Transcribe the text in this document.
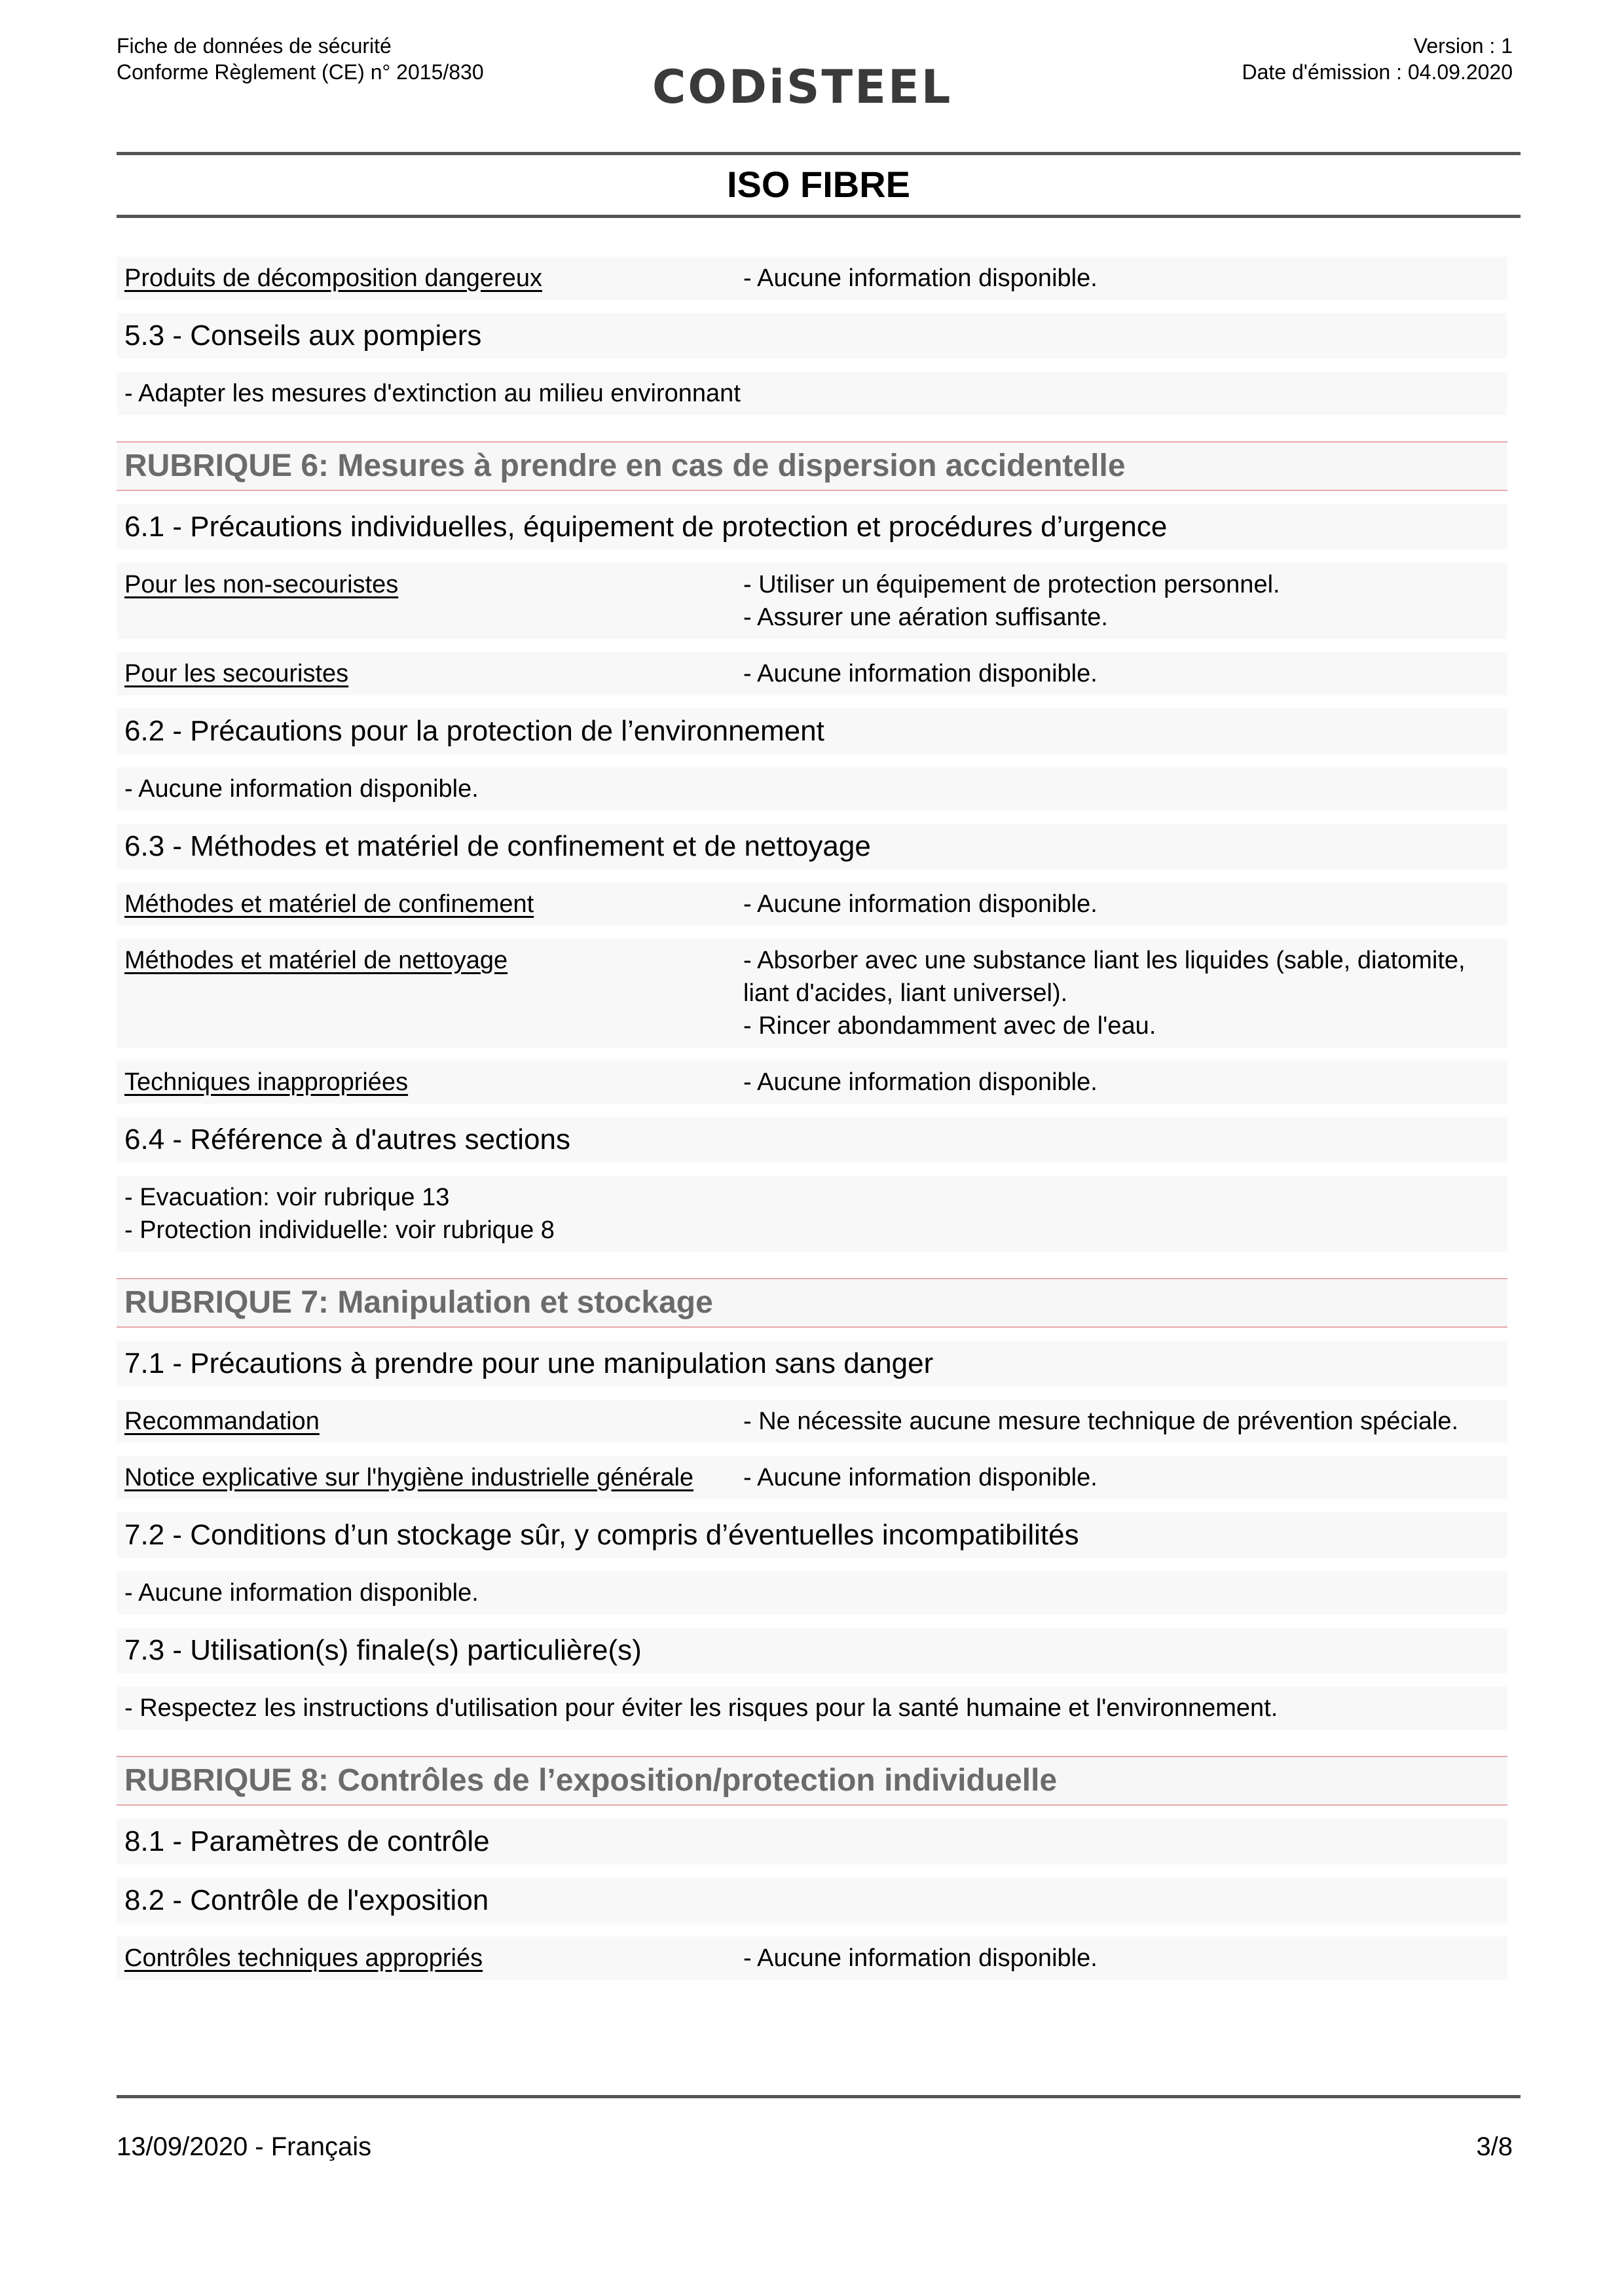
Fiche de données de sécurité
Conforme Règlement (CE) n° 2015/830	CODiSTEEL
Version : 1
Date d'émission : 04.09.2020
ISO FIBRE
Produits de décomposition dangereux	- Aucune information disponible.
5.3 - Conseils aux pompiers
- Adapter les mesures d'extinction au milieu environnant
RUBRIQUE 6: Mesures à prendre en cas de dispersion accidentelle
6.1 - Précautions individuelles, équipement de protection et procédures d’urgence
Pour les non-secouristes	- Utiliser un équipement de protection personnel.
- Assurer une aération suffisante.
Pour les secouristes	- Aucune information disponible.
6.2 - Précautions pour la protection de l’environnement
- Aucune information disponible.
6.3 - Méthodes et matériel de confinement et de nettoyage
Méthodes et matériel de confinement	- Aucune information disponible.
Méthodes et matériel de nettoyage	- Absorber avec une substance liant les liquides (sable, diatomite, liant d'acides, liant universel).
- Rincer abondamment avec de l'eau.
Techniques inappropriées	- Aucune information disponible.
6.4 - Référence à d'autres sections
- Evacuation: voir rubrique 13
- Protection individuelle: voir rubrique 8
RUBRIQUE 7: Manipulation et stockage
7.1 - Précautions à prendre pour une manipulation sans danger
Recommandation	- Ne nécessite aucune mesure technique de prévention spéciale.
Notice explicative sur l'hygiène industrielle générale	- Aucune information disponible.
7.2 - Conditions d’un stockage sûr, y compris d’éventuelles incompatibilités
- Aucune information disponible.
7.3 - Utilisation(s) finale(s) particulière(s)
- Respectez les instructions d'utilisation pour éviter les risques pour la santé humaine et l'environnement.
RUBRIQUE 8: Contrôles de l’exposition/protection individuelle
8.1 - Paramètres de contrôle
8.2 - Contrôle de l'exposition
Contrôles techniques appropriés	- Aucune information disponible.
13/09/2020 - Français	3/8
